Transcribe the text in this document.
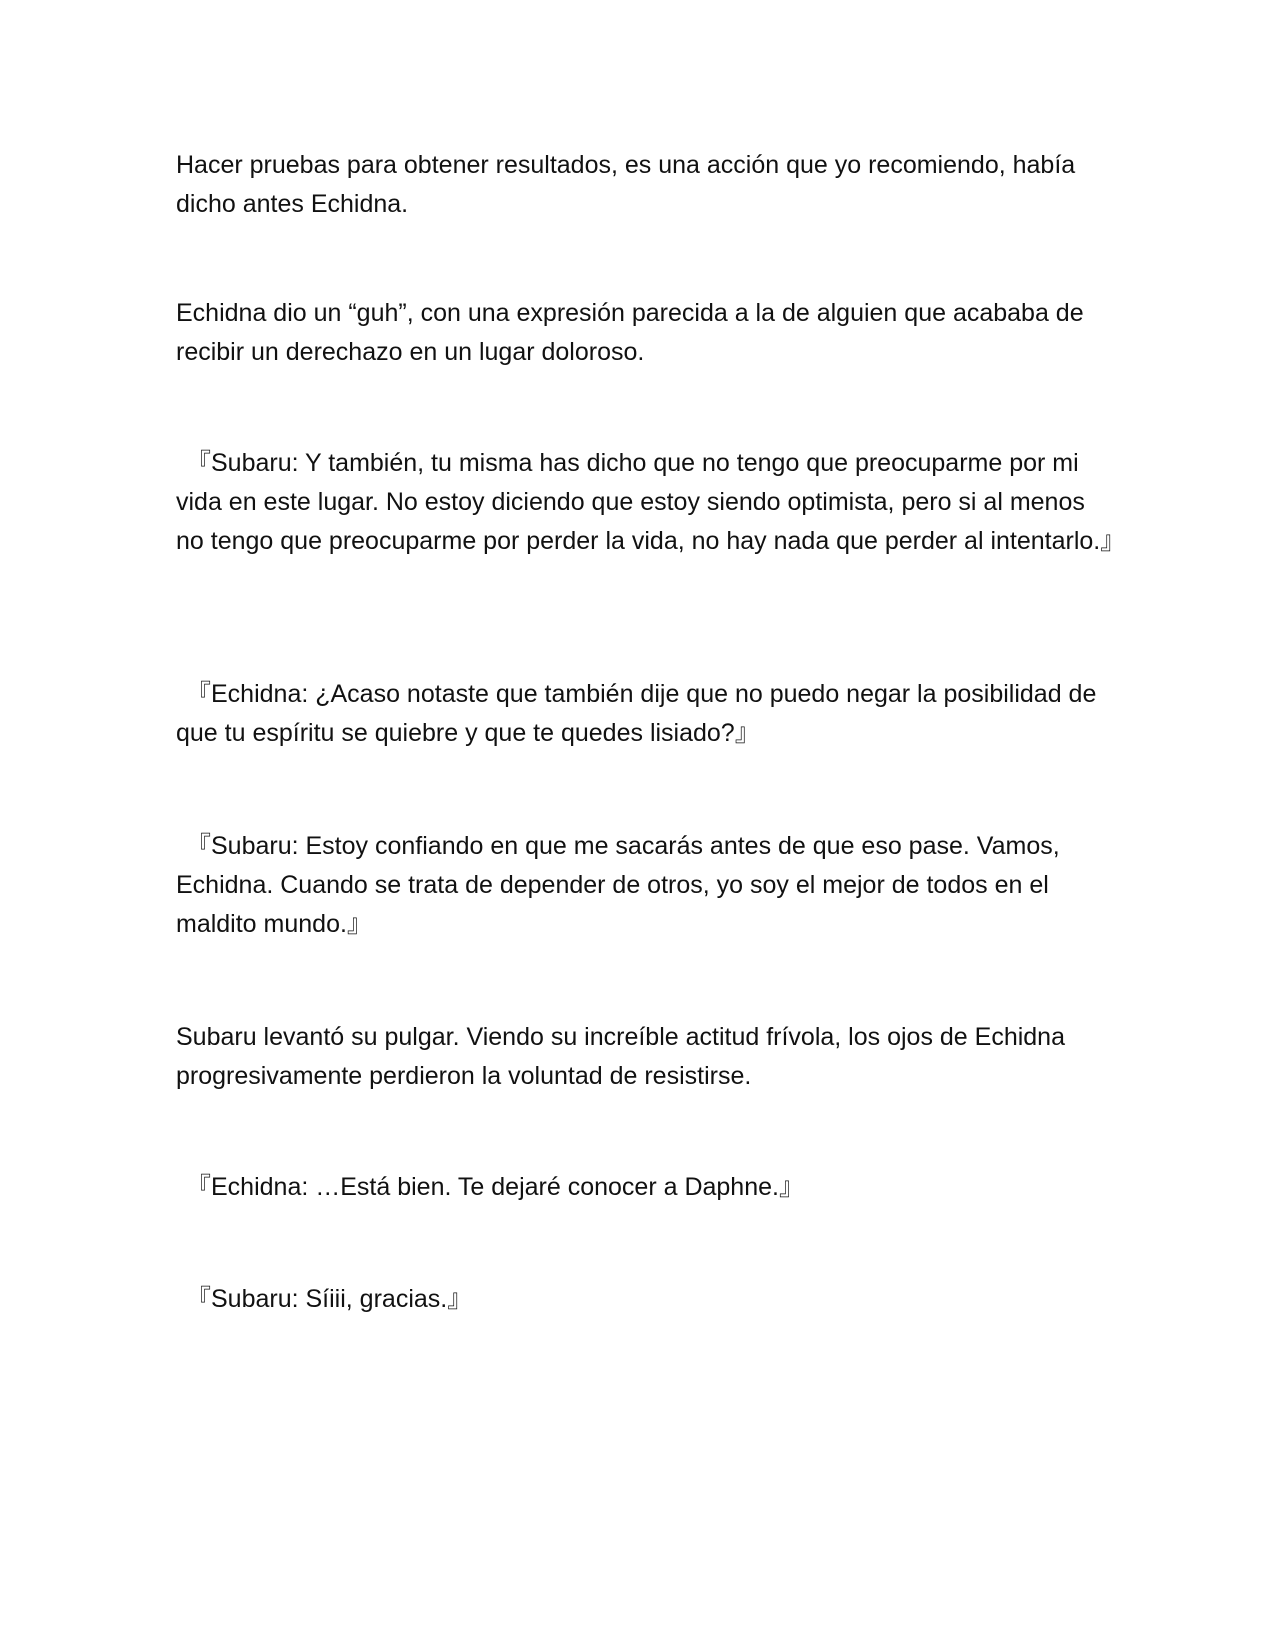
Hacer pruebas para obtener resultados, es una acción que yo recomiendo, había dicho antes Echidna.

Echidna dio un “guh”, con una expresión parecida a la de alguien que acababa de recibir un derechazo en un lugar doloroso.

『Subaru: Y también, tu misma has dicho que no tengo que preocuparme por mi vida en este lugar. No estoy diciendo que estoy siendo optimista, pero si al menos no tengo que preocuparme por perder la vida, no hay nada que perder al intentarlo.』

『Echidna: ¿Acaso notaste que también dije que no puedo negar la posibilidad de que tu espíritu se quiebre y que te quedes lisiado?』

『Subaru: Estoy confiando en que me sacarás antes de que eso pase. Vamos, Echidna. Cuando se trata de depender de otros, yo soy el mejor de todos en el maldito mundo.』

Subaru levantó su pulgar. Viendo su increíble actitud frívola, los ojos de Echidna progresivamente perdieron la voluntad de resistirse.

『Echidna: …Está bien. Te dejaré conocer a Daphne.』

『Subaru: Síiii, gracias.』
